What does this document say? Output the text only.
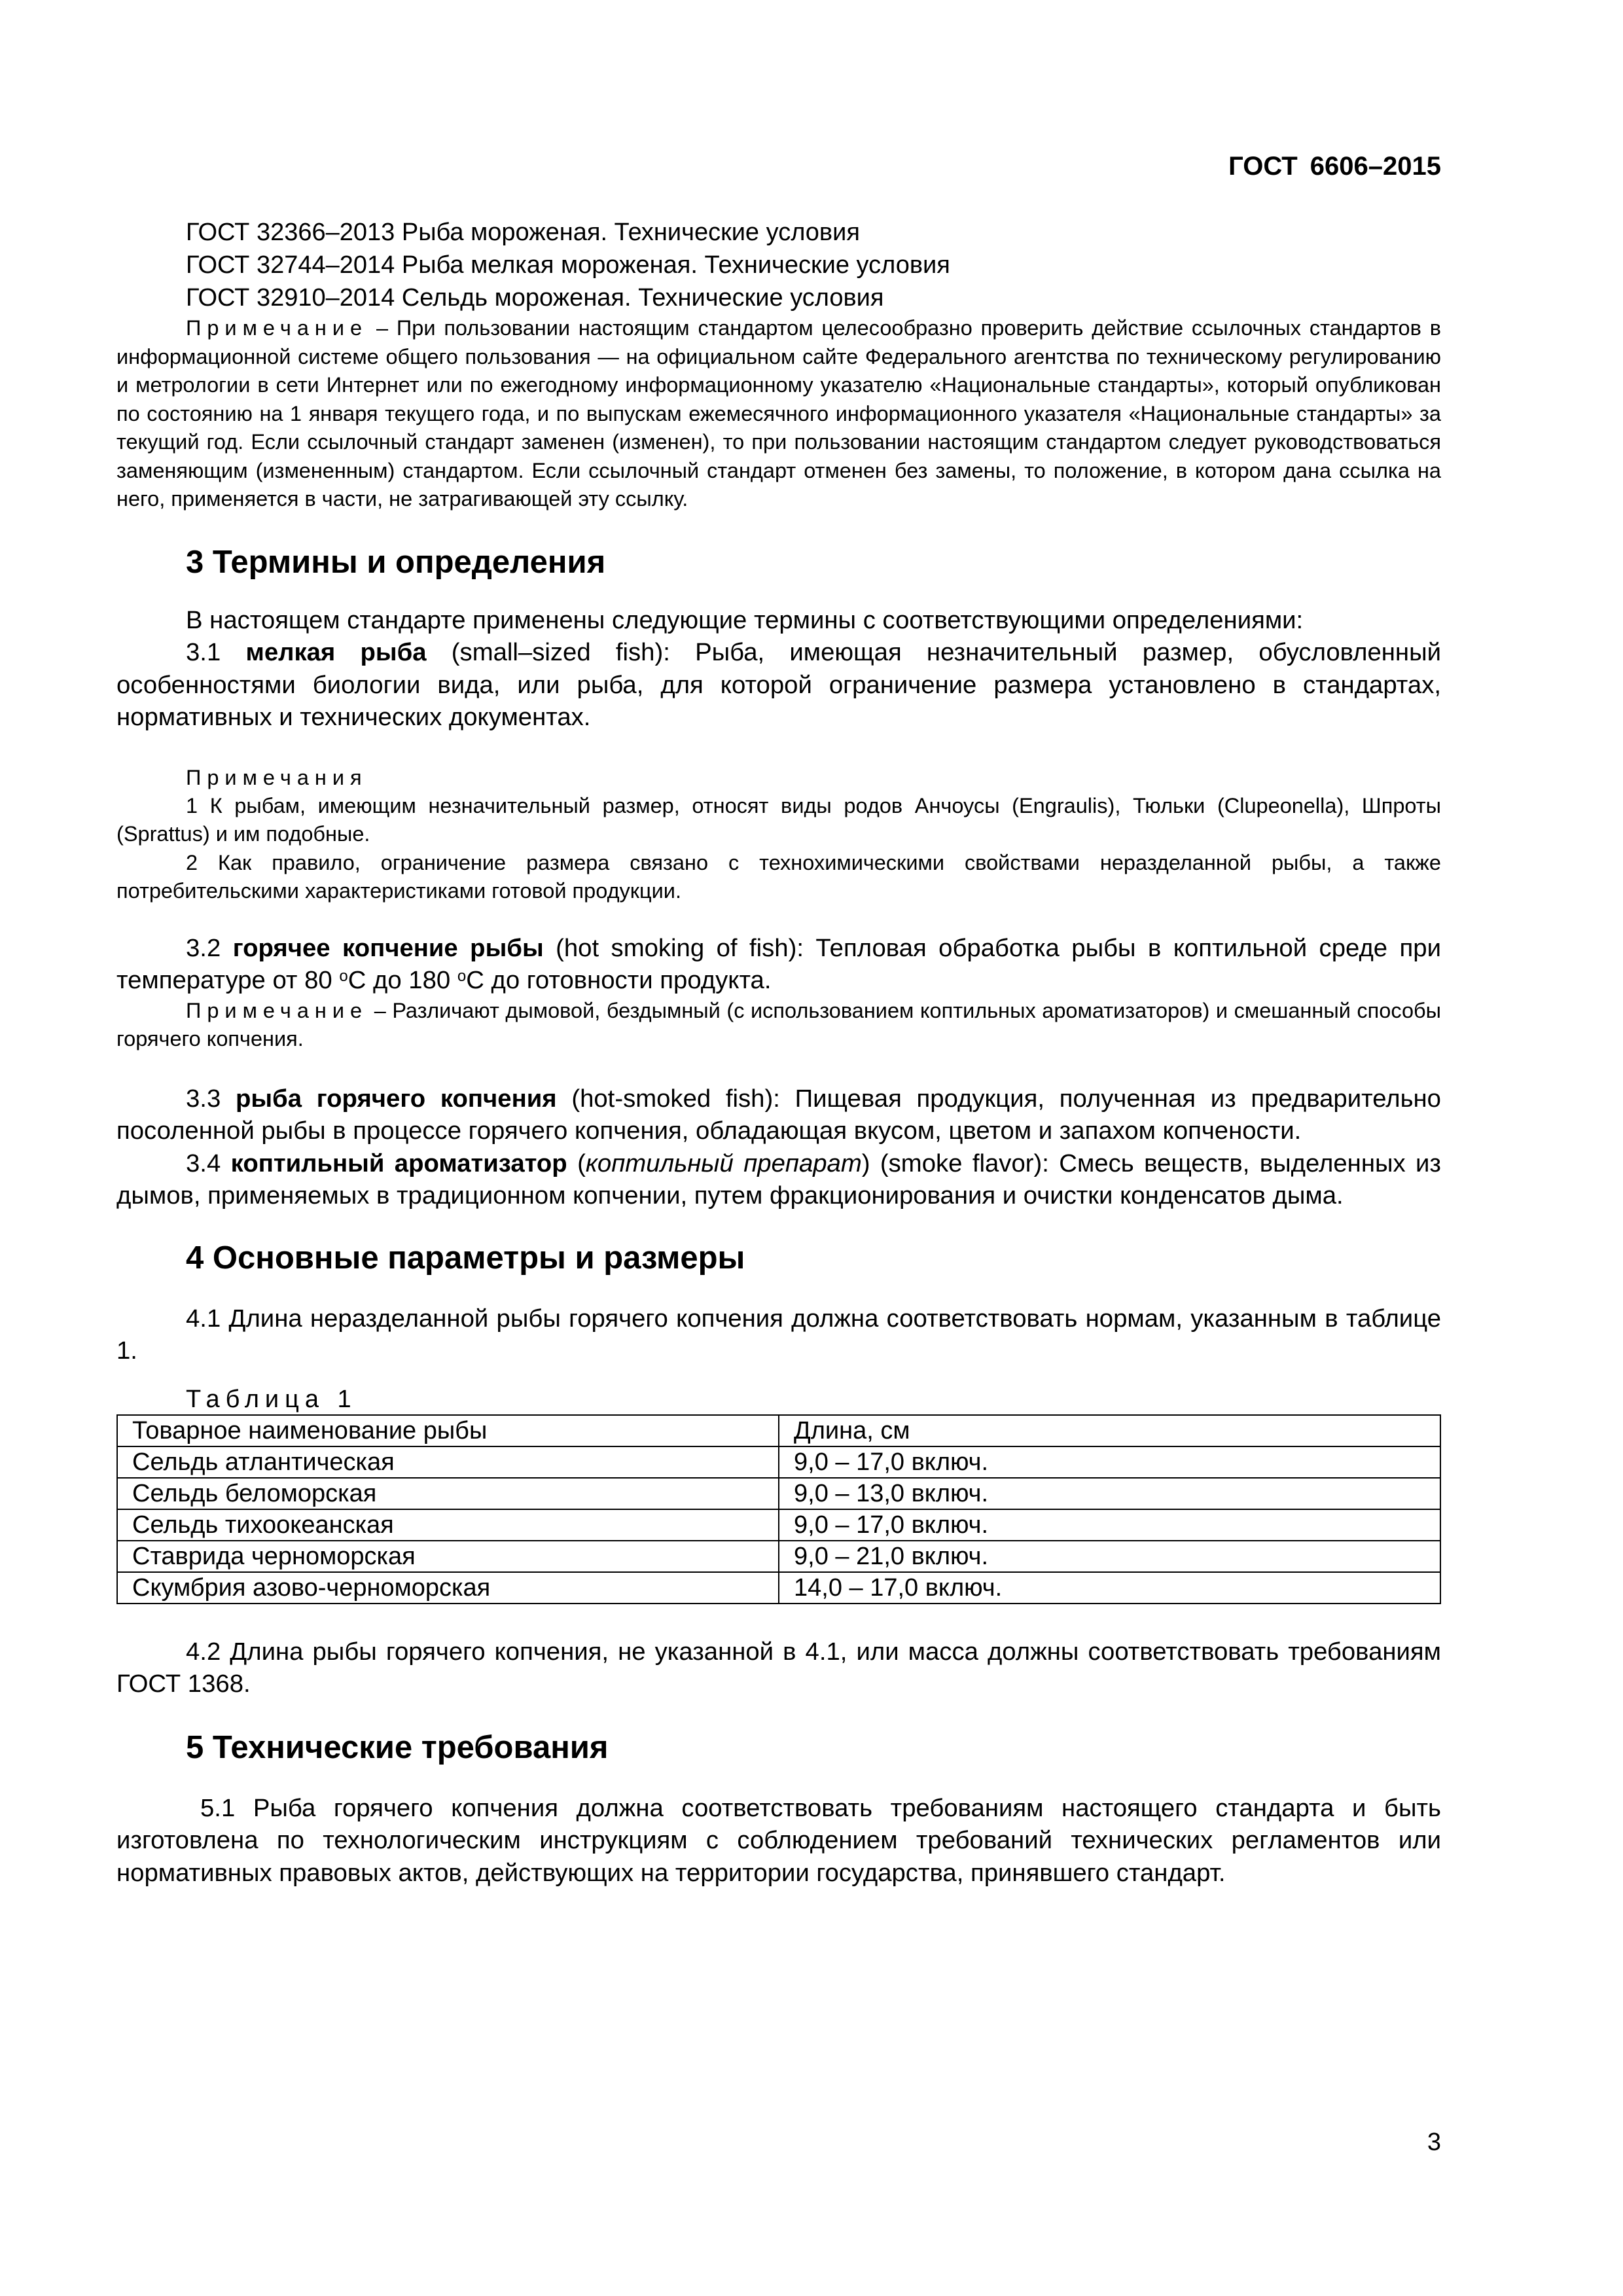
ГОСТ 6606–2015
ГОСТ 32366–2013 Рыба мороженая. Технические условия
ГОСТ 32744–2014 Рыба мелкая мороженая. Технические условия
ГОСТ 32910–2014 Сельдь мороженая. Технические условия

Примечание – При пользовании настоящим стандартом целесообразно проверить действие ссылочных стандартов в информационной системе общего пользования — на официальном сайте Федерального агентства по техническому регулированию и метрологии в сети Интернет или по ежегодному информационному указателю «Национальные стандарты», который опубликован по состоянию на 1 января текущего года, и по выпускам ежемесячного информационного указателя «Национальные стандарты» за текущий год. Если ссылочный стандарт заменен (изменен), то при пользовании настоящим стандартом следует руководствоваться заменяющим (измененным) стандартом. Если ссылочный стандарт отменен без замены, то положение, в котором дана ссылка на него, применяется в части, не затрагивающей эту ссылку.

3 Термины и определения

В настоящем стандарте применены следующие термины с соответствующими определениями:

3.1 мелкая рыба (small–sized fish): Рыба, имеющая незначительный размер, обусловленный особенностями биологии вида, или рыба, для которой ограничение размера установлено в стандартах, нормативных и технических документах.

Примечания

1 К рыбам, имеющим незначительный размер, относят виды родов Анчоусы (Engraulis), Тюльки (Clupeonella), Шпроты (Sprattus) и им подобные.

2 Как правило, ограничение размера связано с технохимическими свойствами неразделанной рыбы, а также потребительскими характеристиками готовой продукции.

3.2 горячее копчение рыбы (hot smoking of fish): Тепловая обработка рыбы в коптильной среде при температуре от 80 $^о$С до 180 $^о$С до готовности продукта.

Примечание – Различают дымовой, бездымный (с использованием коптильных ароматизаторов) и смешанный способы горячего копчения.

3.3 рыба горячего копчения (hot-smoked fish): Пищевая продукция, полученная из предварительно посоленной рыбы в процессе горячего копчения, обладающая вкусом, цветом и запахом копчености.

3.4 коптильный ароматизатор (коптильный препарат) (smoke flavor): Смесь веществ, выделенных из дымов, применяемых в традиционном копчении, путем фракционирования и очистки конденсатов дыма.

4 Основные параметры и размеры

4.1 Длина неразделанной рыбы горячего копчения должна соответствовать нормам, указанным в таблице 1.

Таблица 1
Товарное наименование рыбы	Длина, см
Сельдь атлантическая	9,0 – 17,0 включ.
Сельдь беломорская	9,0 – 13,0 включ.
Сельдь тихоокеанская	9,0 – 17,0 включ.
Ставрида черноморская	9,0 – 21,0 включ.
Скумбрия азово-черноморская	14,0 – 17,0 включ.

4.2 Длина рыбы горячего копчения, не указанной в 4.1, или масса должны соответствовать требованиям ГОСТ 1368.

5 Технические требования

5.1 Рыба горячего копчения должна соответствовать требованиям настоящего стандарта и быть изготовлена по технологическим инструкциям с соблюдением требований технических регламентов или нормативных правовых актов, действующих на территории государства, принявшего стандарт.

3
